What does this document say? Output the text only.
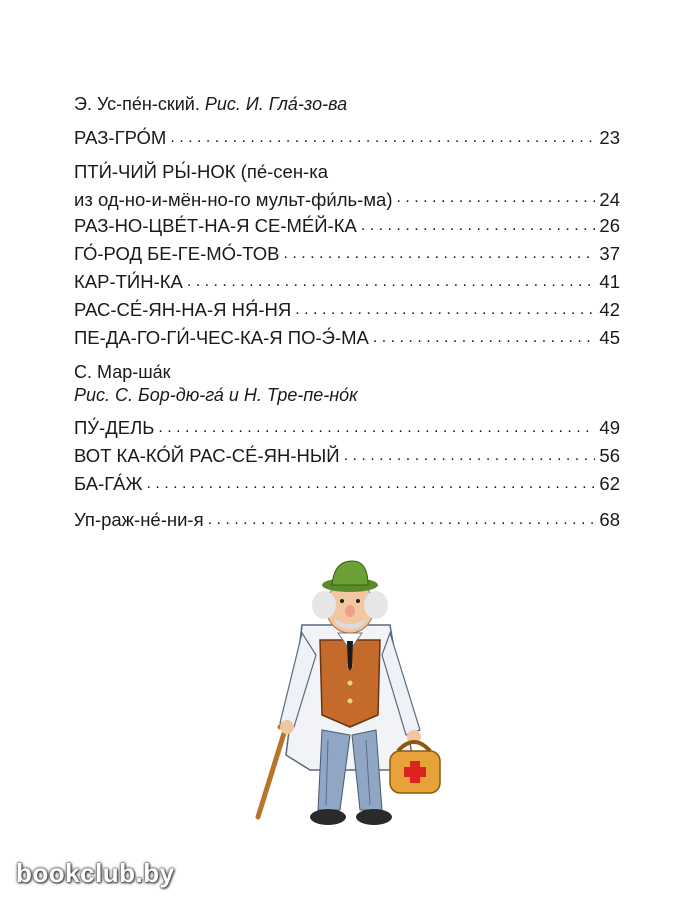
Э. Ус-пе́н-ский. Рис. И. Гла́-зо-ва

РАЗ-ГРО́М . . .	23

ПТИ́-ЧИЙ РЫ́-НОК (пе́-сен-ка

из од-но-и-мён-но-го мульт-фи́ль-ма) . . .	24
РАЗ-НО-ЦВЕ́Т-НА-Я СЕ-МЕ́Й-КА . . .	26
ГО́-РОД БЕ-ГЕ-МО́-ТОВ . . .	37
КАР-ТИ́Н-КА . . .	41
РАС-СЕ́-ЯН-НА-Я НЯ́-НЯ . . .	42
ПЕ-ДА-ГО-ГИ́-ЧЕС-КА-Я ПО-Э́-МА . . .	45

С. Мар-ша́к

Рис. С. Бор-дю-га́ и Н. Тре-пе-но́к

ПУ́-ДЕЛЬ . . .	49
ВОТ КА-КО́Й РАС-СЕ́-ЯН-НЫЙ . . .	56
БА-ГА́Ж . . .	62
Уп-раж-не́-ни-я . . .	68
bookclub.by
